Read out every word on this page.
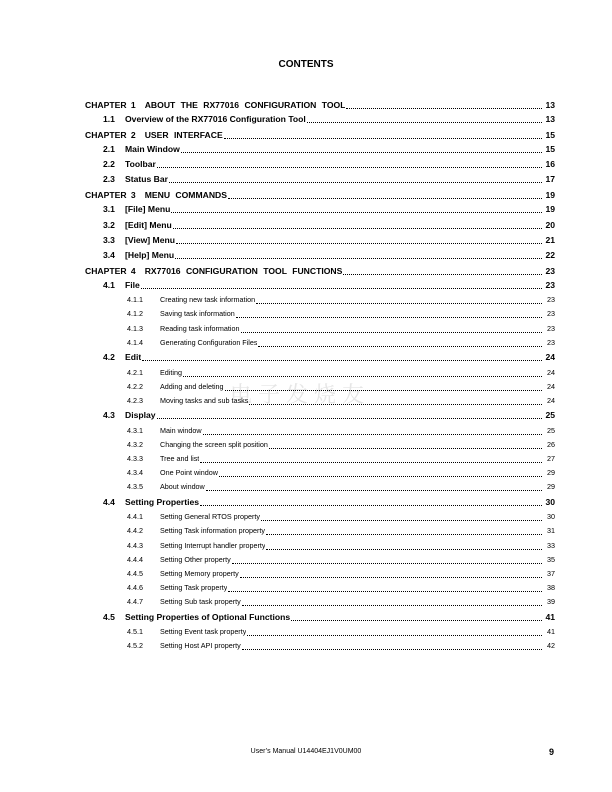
CONTENTS
电子发烧友
CHAPTER 1 ABOUT THE RX77016 CONFIGURATION TOOL	13
1.1	Overview of the RX77016 Configuration Tool	13
CHAPTER 2 USER INTERFACE	15
2.1	Main Window	15
2.2	Toolbar	16
2.3	Status Bar	17
CHAPTER 3 MENU COMMANDS	19
3.1	[File] Menu	19
3.2	[Edit] Menu	20
3.3	[View] Menu	21
3.4	[Help] Menu	22
CHAPTER 4 RX77016 CONFIGURATION TOOL FUNCTIONS	23
4.1	File	23
4.1.1	Creating new task information	23
4.1.2	Saving task information	23
4.1.3	Reading task information	23
4.1.4	Generating Configuration Files	23
4.2	Edit	24
4.2.1	Editing	24
4.2.2	Adding and deleting	24
4.2.3	Moving tasks and sub tasks	24
4.3	Display	25
4.3.1	Main window	25
4.3.2	Changing the screen split position	26
4.3.3	Tree and list	27
4.3.4	One Point window	29
4.3.5	About window	29
4.4	Setting Properties	30
4.4.1	Setting General RTOS property	30
4.4.2	Setting Task information property	31
4.4.3	Setting Interrupt handler property	33
4.4.4	Setting Other property	35
4.4.5	Setting Memory property	37
4.4.6	Setting Task property	38
4.4.7	Setting Sub task property	39
4.5	Setting Properties of Optional Functions	41
4.5.1	Setting Event task property	41
4.5.2	Setting Host API property	42
User’s Manual U14404EJ1V0UM00	9
